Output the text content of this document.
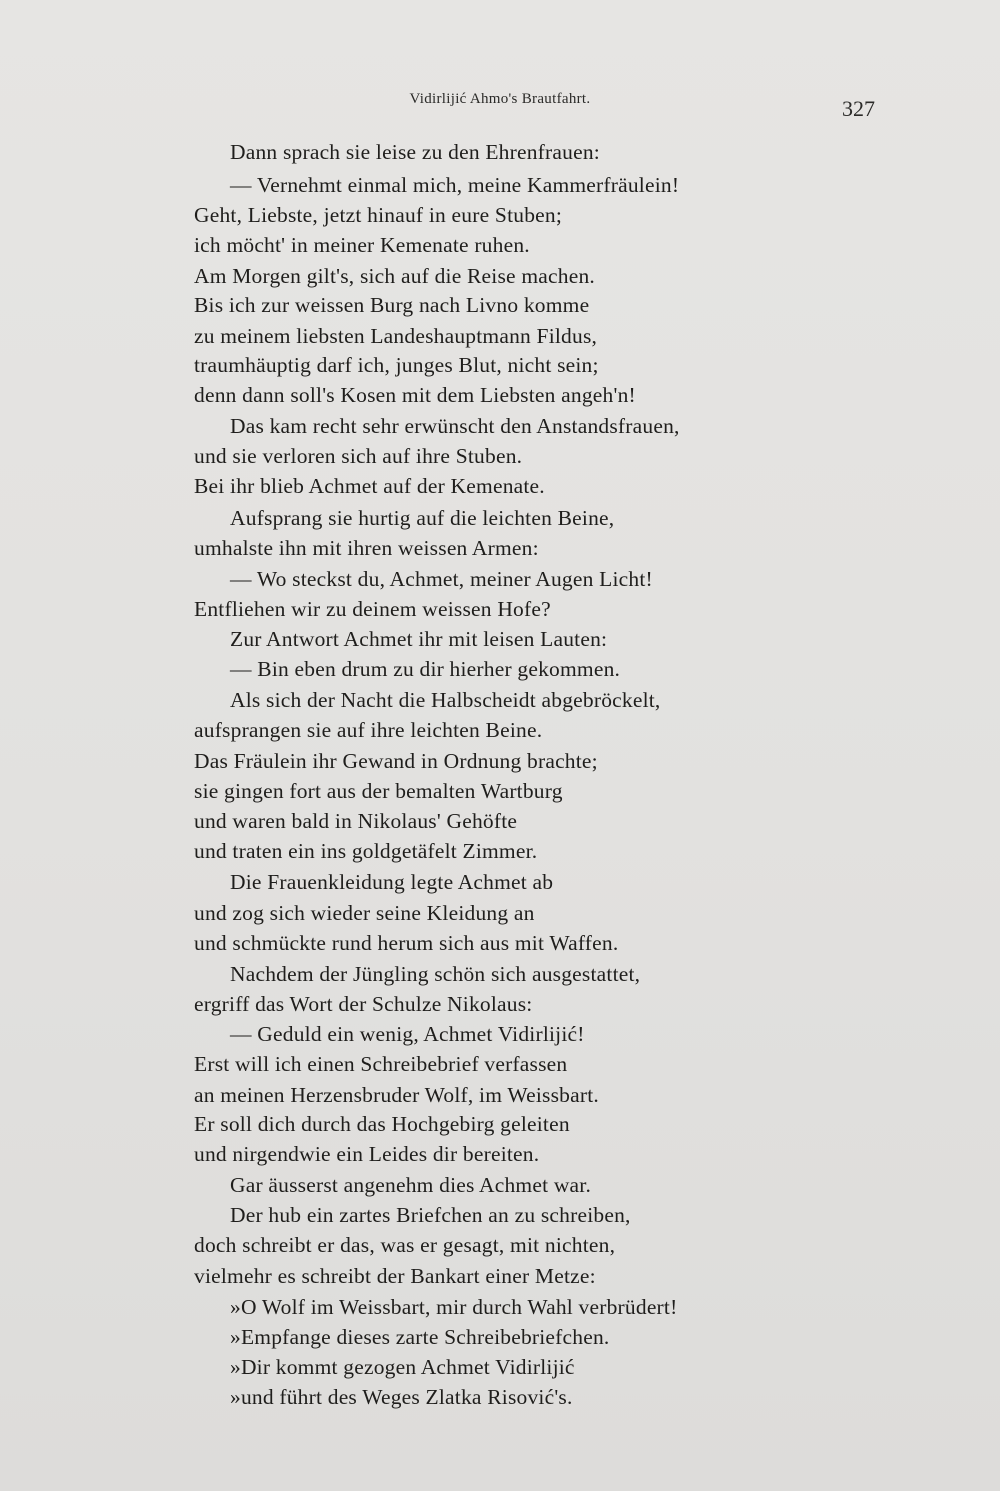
Vidirlijić Ahmo's Brautfahrt.	327
Dann sprach sie leise zu den Ehrenfrauen:
— Vernehmt einmal mich, meine Kammerfräulein!
Geht, Liebste, jetzt hinauf in eure Stuben;
ich möcht' in meiner Kemenate ruhen.
Am Morgen gilt's, sich auf die Reise machen.
Bis ich zur weissen Burg nach Livno komme
zu meinem liebsten Landeshauptmann Fildus,
traumhäuptig darf ich, junges Blut, nicht sein;
denn dann soll's Kosen mit dem Liebsten angeh'n!
Das kam recht sehr erwünscht den Anstandsfrauen,
und sie verloren sich auf ihre Stuben.
Bei ihr blieb Achmet auf der Kemenate.
Aufsprang sie hurtig auf die leichten Beine,
umhalste ihn mit ihren weissen Armen:
— Wo steckst du, Achmet, meiner Augen Licht!
Entfliehen wir zu deinem weissen Hofe?
Zur Antwort Achmet ihr mit leisen Lauten:
— Bin eben drum zu dir hierher gekommen.
Als sich der Nacht die Halbscheidt abgebröckelt,
aufsprangen sie auf ihre leichten Beine.
Das Fräulein ihr Gewand in Ordnung brachte;
sie gingen fort aus der bemalten Wartburg
und waren bald in Nikolaus' Gehöfte
und traten ein ins goldgetäfelt Zimmer.
Die Frauenkleidung legte Achmet ab
und zog sich wieder seine Kleidung an
und schmückte rund herum sich aus mit Waffen.
Nachdem der Jüngling schön sich ausgestattet,
ergriff das Wort der Schulze Nikolaus:
— Geduld ein wenig, Achmet Vidirlijić!
Erst will ich einen Schreibebrief verfassen
an meinen Herzensbruder Wolf, im Weissbart.
Er soll dich durch das Hochgebirg geleiten
und nirgendwie ein Leides dir bereiten.
Gar äusserst angenehm dies Achmet war.
Der hub ein zartes Briefchen an zu schreiben,
doch schreibt er das, was er gesagt, mit nichten,
vielmehr es schreibt der Bankart einer Metze:
»O Wolf im Weissbart, mir durch Wahl verbrüdert!
»Empfange dieses zarte Schreibebriefchen.
»Dir kommt gezogen Achmet Vidirlijić
»und führt des Weges Zlatka Risović's.
